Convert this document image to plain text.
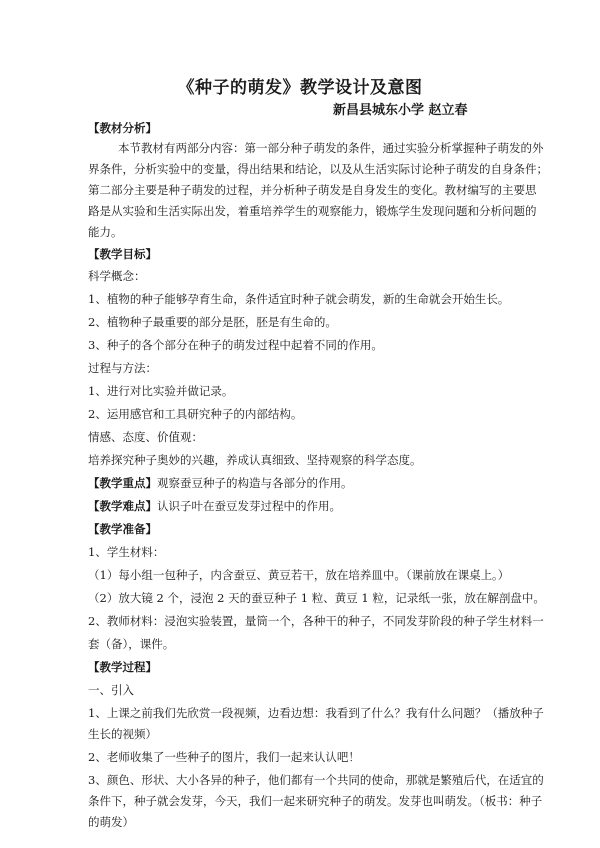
《种子的萌发》教学设计及意图
新昌县城东小学 赵立春
【教材分析】
本节教材有两部分内容：第一部分种子萌发的条件，通过实验分析掌握种子萌发的外
界条件，分析实验中的变量，得出结果和结论，以及从生活实际讨论种子萌发的自身条件；
第二部分主要是种子萌发的过程，并分析种子萌发是自身发生的变化。教材编写的主要思
路是从实验和生活实际出发，着重培养学生的观察能力，锻炼学生发现问题和分析问题的
能力。
【教学目标】
科学概念：
1、植物的种子能够孕育生命，条件适宜时种子就会萌发，新的生命就会开始生长。
2、植物种子最重要的部分是胚，胚是有生命的。
3、种子的各个部分在种子的萌发过程中起着不同的作用。
过程与方法：
1、进行对比实验并做记录。
2、运用感官和工具研究种子的内部结构。
情感、态度、价值观：
培养探究种子奥妙的兴趣，养成认真细致、坚持观察的科学态度。
【教学重点】观察蚕豆种子的构造与各部分的作用。
【教学难点】认识子叶在蚕豆发芽过程中的作用。
【教学准备】
1、学生材料：
（1）每小组一包种子，内含蚕豆、黄豆若干，放在培养皿中。（课前放在课桌上。）
（2）放大镜 2 个，浸泡 2 天的蚕豆种子 1 粒、黄豆 1 粒，记录纸一张，放在解剖盘中。
2、教师材料：浸泡实验装置，量筒一个，各种干的种子，不同发芽阶段的种子学生材料一
套（备），课件。
【教学过程】
一、引入
1、上课之前我们先欣赏一段视频，边看边想：我看到了什么？我有什么问题？（播放种子
生长的视频）
2、老师收集了一些种子的图片，我们一起来认认吧！
3、颜色、形状、大小各异的种子，他们都有一个共同的使命，那就是繁殖后代，在适宜的
条件下，种子就会发芽，今天，我们一起来研究种子的萌发。发芽也叫萌发。（板书：种子
的萌发）
